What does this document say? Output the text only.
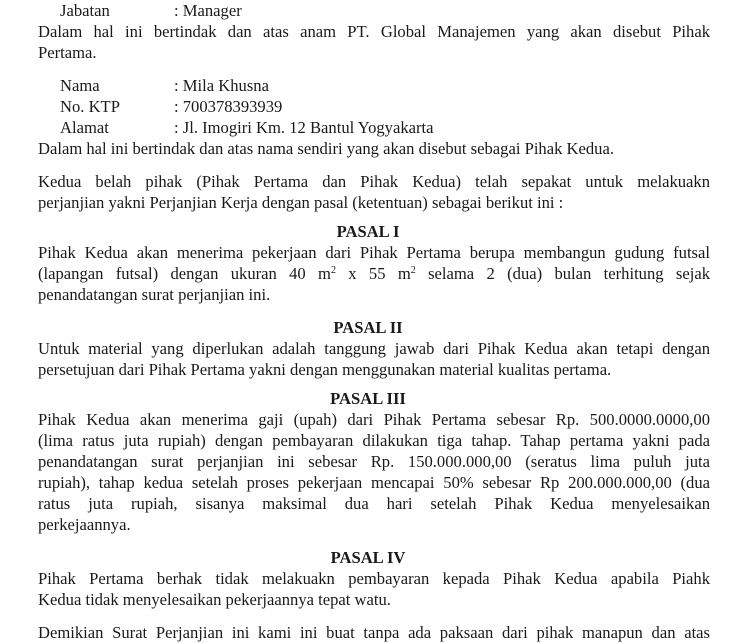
Jabatan	: Manager
Dalam hal ini bertindak dan atas anam PT. Global Manajemen yang akan disebut Pihak
Pertama.
Nama	: Mila Khusna
No. KTP	: 700378393939
Alamat	: Jl. Imogiri Km. 12 Bantul Yogyakarta
Dalam hal ini bertindak dan atas nama sendiri yang akan disebut sebagai Pihak Kedua.
Kedua belah pihak (Pihak Pertama dan Pihak Kedua) telah sepakat untuk melakuakn
perjanjian yakni Perjanjian Kerja dengan pasal (ketentuan) sebagai berikut ini :
PASAL I
Pihak Kedua akan menerima pekerjaan dari Pihak Pertama berupa membangun gudung futsal
(lapangan futsal) dengan ukuran 40 $m^2$ x 55 $m^2$ selama 2 (dua) bulan terhitung sejak
penandatangan surat perjanjian ini.
PASAL II
Untuk material yang diperlukan adalah tanggung jawab dari Pihak Kedua akan tetapi dengan
persetujuan dari Pihak Pertama yakni dengan menggunakan material kualitas pertama.
PASAL III
Pihak Kedua akan menerima gaji (upah) dari Pihak Pertama sebesar Rp. 500.0000.0000,00
(lima ratus juta rupiah) dengan pembayaran dilakukan tiga tahap. Tahap pertama yakni pada
penandatangan surat perjanjian ini sebesar Rp. 150.000.000,00 (seratus lima puluh juta
rupiah), tahap kedua setelah proses pekerjaan mencapai 50% sebesar Rp 200.000.000,00 (dua
ratus juta rupiah, sisanya maksimal dua hari setelah Pihak Kedua menyelesaikan
perkejaannya.
PASAL IV
Pihak Pertama berhak tidak melakuakn pembayaran kepada Pihak Kedua apabila Piahk
Kedua tidak menyelesaikan pekerjaannya tepat watu.
Demikian Surat Perjanjian ini kami ini buat tanpa ada paksaan dari pihak manapun dan atas
